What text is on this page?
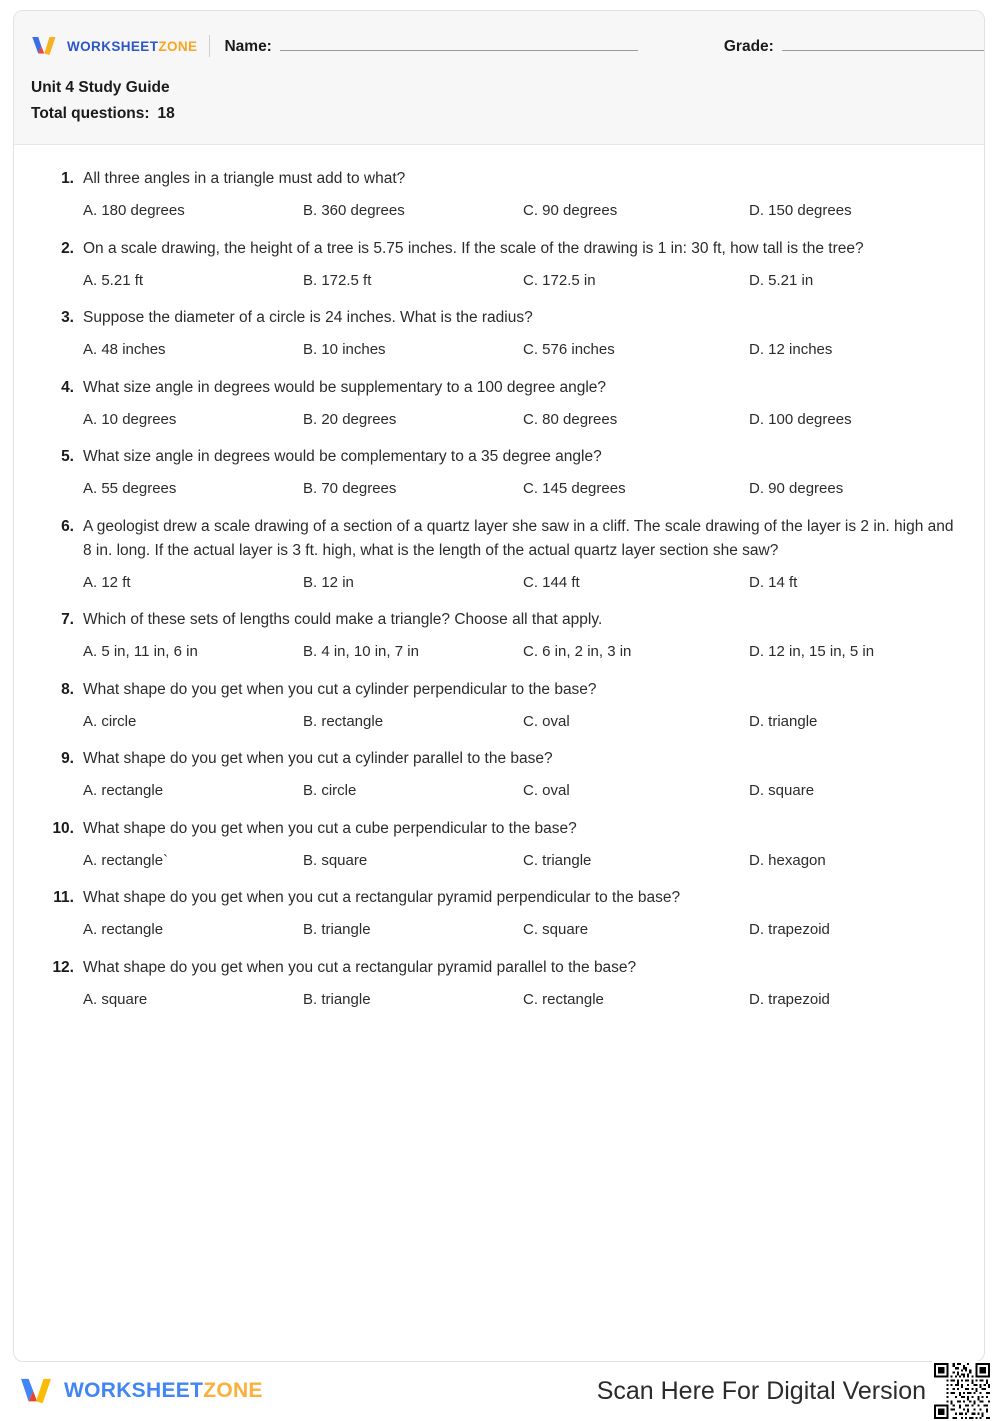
WORKSHEETZONE Name:	Grade:
Unit 4 Study Guide
Total questions: 18
1. All three angles in a triangle must add to what?
A. 180 degrees	B. 360 degrees	C. 90 degrees	D. 150 degrees
2. On a scale drawing, the height of a tree is 5.75 inches. If the scale of the drawing is 1 in: 30 ft, how tall is the tree?
A. 5.21 ft	B. 172.5 ft	C. 172.5 in	D. 5.21 in
3. Suppose the diameter of a circle is 24 inches. What is the radius?
A. 48 inches	B. 10 inches	C. 576 inches	D. 12 inches
4. What size angle in degrees would be supplementary to a 100 degree angle?
A. 10 degrees	B. 20 degrees	C. 80 degrees	D. 100 degrees
5. What size angle in degrees would be complementary to a 35 degree angle?
A. 55 degrees	B. 70 degrees	C. 145 degrees	D. 90 degrees
6. A geologist drew a scale drawing of a section of a quartz layer she saw in a cliff. The scale drawing of the layer is 2 in. high and 8 in. long. If the actual layer is 3 ft. high, what is the length of the actual quartz layer section she saw?
A. 12 ft	B. 12 in	C. 144 ft	D. 14 ft
7. Which of these sets of lengths could make a triangle? Choose all that apply.
A. 5 in, 11 in, 6 in	B. 4 in, 10 in, 7 in	C. 6 in, 2 in, 3 in	D. 12 in, 15 in, 5 in
8. What shape do you get when you cut a cylinder perpendicular to the base?
A. circle	B. rectangle	C. oval	D. triangle
9. What shape do you get when you cut a cylinder parallel to the base?
A. rectangle	B. circle	C. oval	D. square
10. What shape do you get when you cut a cube perpendicular to the base?
A. rectangle`	B. square	C. triangle	D. hexagon
11. What shape do you get when you cut a rectangular pyramid perpendicular to the base?
A. rectangle	B. triangle	C. square	D. trapezoid
12. What shape do you get when you cut a rectangular pyramid parallel to the base?
A. square	B. triangle	C. rectangle	D. trapezoid
WORKSHEETZONE	Scan Here For Digital Version
